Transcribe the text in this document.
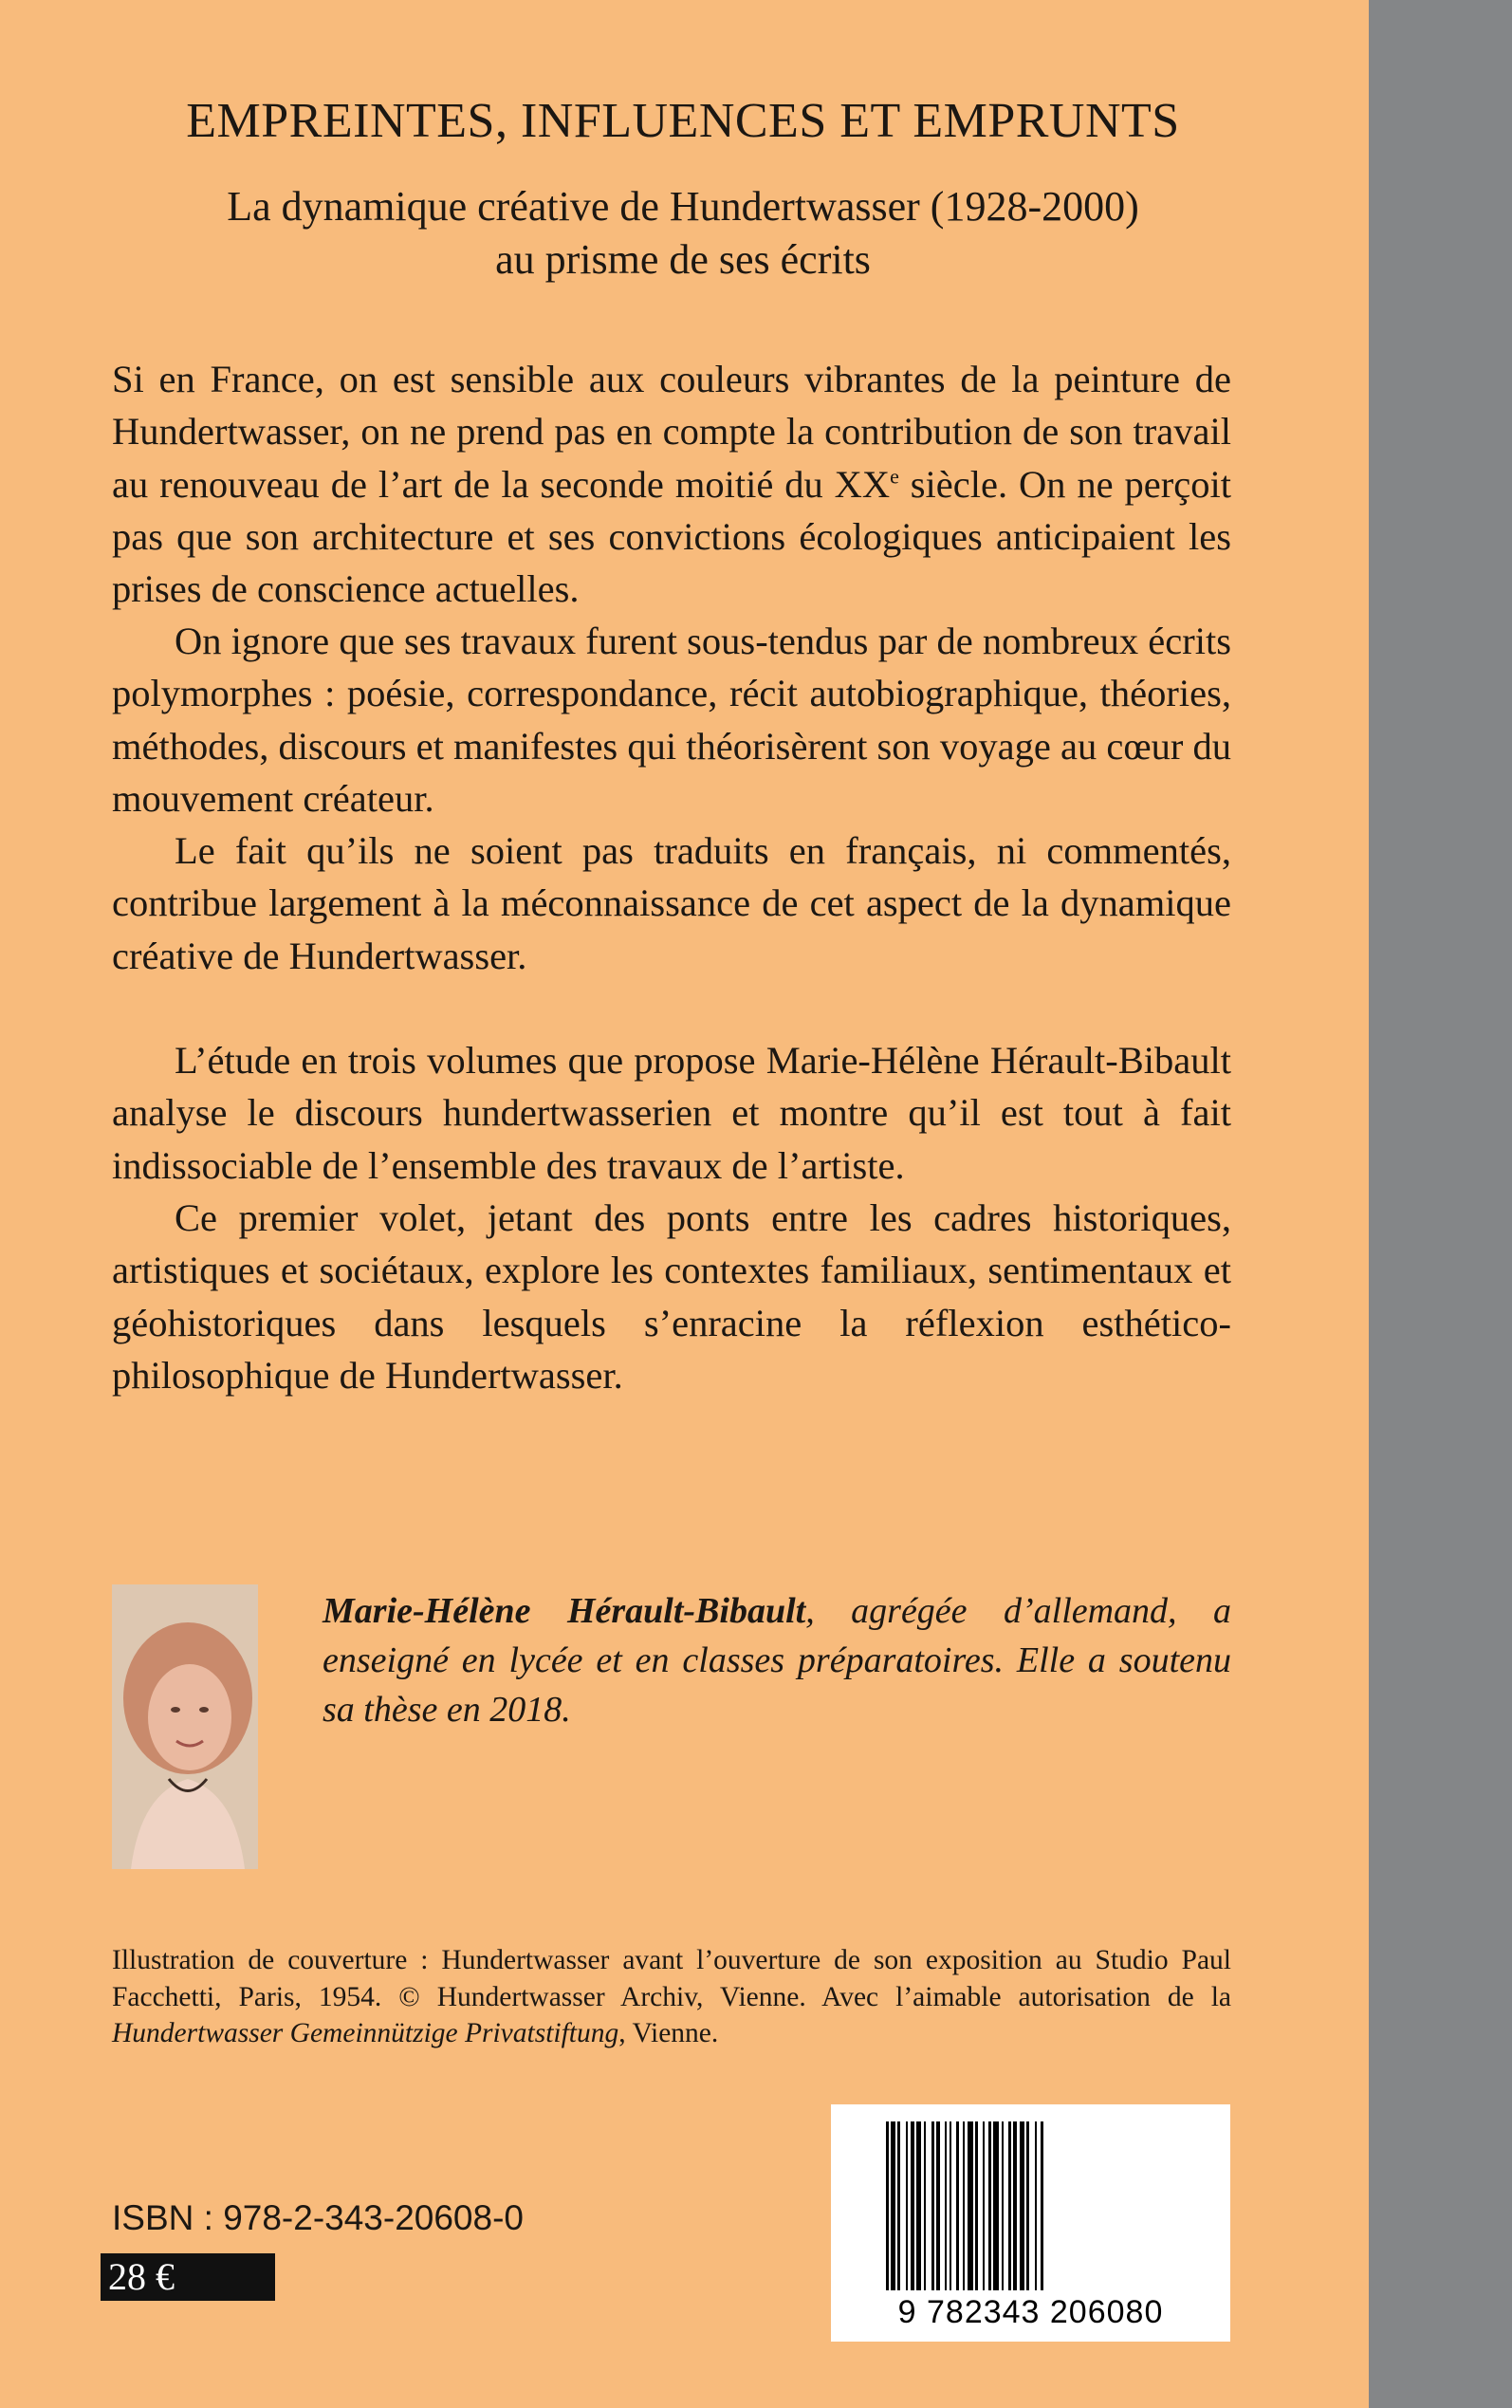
EMPREINTES, INFLUENCES ET EMPRUNTS
La dynamique créative de Hundertwasser (1928-2000)
au prisme de ses écrits

Si en France, on est sensible aux couleurs vibrantes de la peinture de Hundertwasser, on ne prend pas en compte la contribution de son travail au renouveau de l’art de la seconde moitié du XXe siècle. On ne perçoit pas que son architecture et ses convictions écologiques anticipaient les prises de conscience actuelles.

On ignore que ses travaux furent sous-tendus par de nombreux écrits polymorphes : poésie, correspondance, récit autobiographique, théories, méthodes, discours et manifestes qui théorisèrent son voyage au cœur du mouvement créateur.

Le fait qu’ils ne soient pas traduits en français, ni commentés, contribue largement à la méconnaissance de cet aspect de la dynamique créative de Hundertwasser.

L’étude en trois volumes que propose Marie-Hélène Hérault-Bibault analyse le discours hundertwasserien et montre qu’il est tout à fait indissociable de l’ensemble des travaux de l’artiste.

Ce premier volet, jetant des ponts entre les cadres historiques, artistiques et sociétaux, explore les contextes familiaux, sentimentaux et géohistoriques dans lesquels s’enracine la réflexion esthético-philosophique de Hundertwasser.

Marie-Hélène Hérault-Bibault, agrégée d’allemand, a enseigné en lycée et en classes préparatoires. Elle a soutenu sa thèse en 2018.

Illustration de couverture : Hundertwasser avant l’ouverture de son exposition au Studio Paul Facchetti, Paris, 1954. © Hundertwasser Archiv, Vienne. Avec l’aimable autorisation de la Hundertwasser Gemeinnützige Privatstiftung, Vienne.

9 782343 206080
ISBN : 978-2-343-20608-0
28 €
